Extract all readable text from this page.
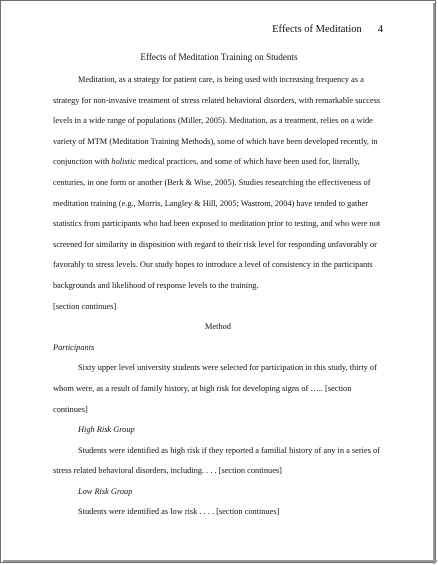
Effects of Meditation 4
Effects of Meditation Training on Students

Meditation, as a strategy for patient care, is being used with increasing frequency as a strategy for non-invasive treatment of stress related behavioral disorders, with remarkable success levels in a wide range of populations (Miller, 2005). Meditation, as a treatment, relies on a wide variety of MTM (Meditation Training Methods), some of which have been developed recently, in conjunction with holistic medical practices, and some of which have been used for, literally, centuries, in one form or another (Berk & Wise, 2005). Studies researching the effectiveness of meditation training (e.g., Morris, Langley & Hill, 2005; Wastrom, 2004) have tended to gather statistics from participants who had been exposed to meditation prior to testing, and who were not screened for similarity in disposition with regard to their risk level for responding unfavorably or favorably to stress levels. Our study hopes to introduce a level of consistency in the participants backgrounds and likelihood of response levels to the training.

[section continues]

Method

Participants

Sixty upper level university students were selected for participation in this study, thirty of whom were, as a result of family history, at high risk for developing signs of ….. [section continues]

High Risk Group

Students were identified as high risk if they reported a familial history of any in a series of stress related behavioral disorders, including. . . . [section continues]

Low Risk Group

Students were identified as low risk . . . . [section continues]
